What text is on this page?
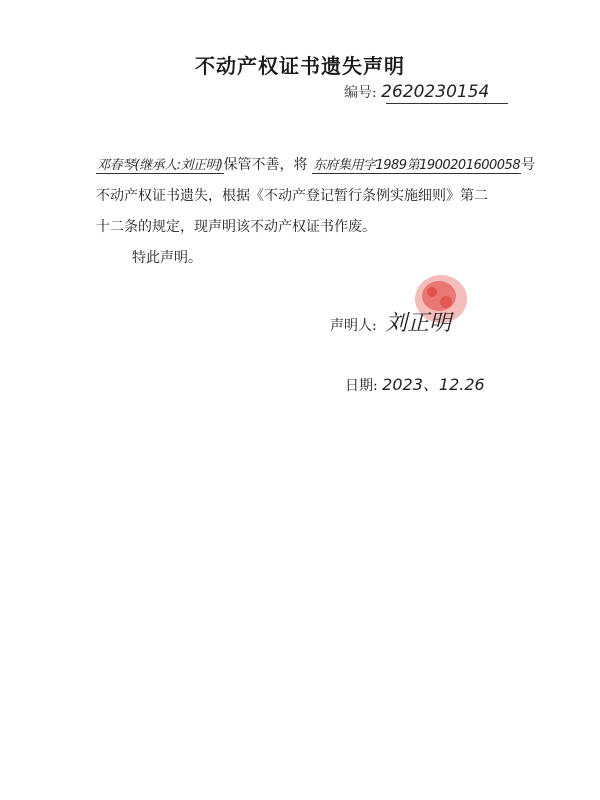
不动产权证书遗失声明
编号: 2620230154
邓春琴(继承人:刘正明)保管不善，将 东府集用字1989第1900201600058号
不动产权证书遗失，根据《不动产登记暂行条例实施细则》第二
十二条的规定，现声明该不动产权证书作废。
特此声明。
声明人: 刘正明
日期: 2023、12.26
